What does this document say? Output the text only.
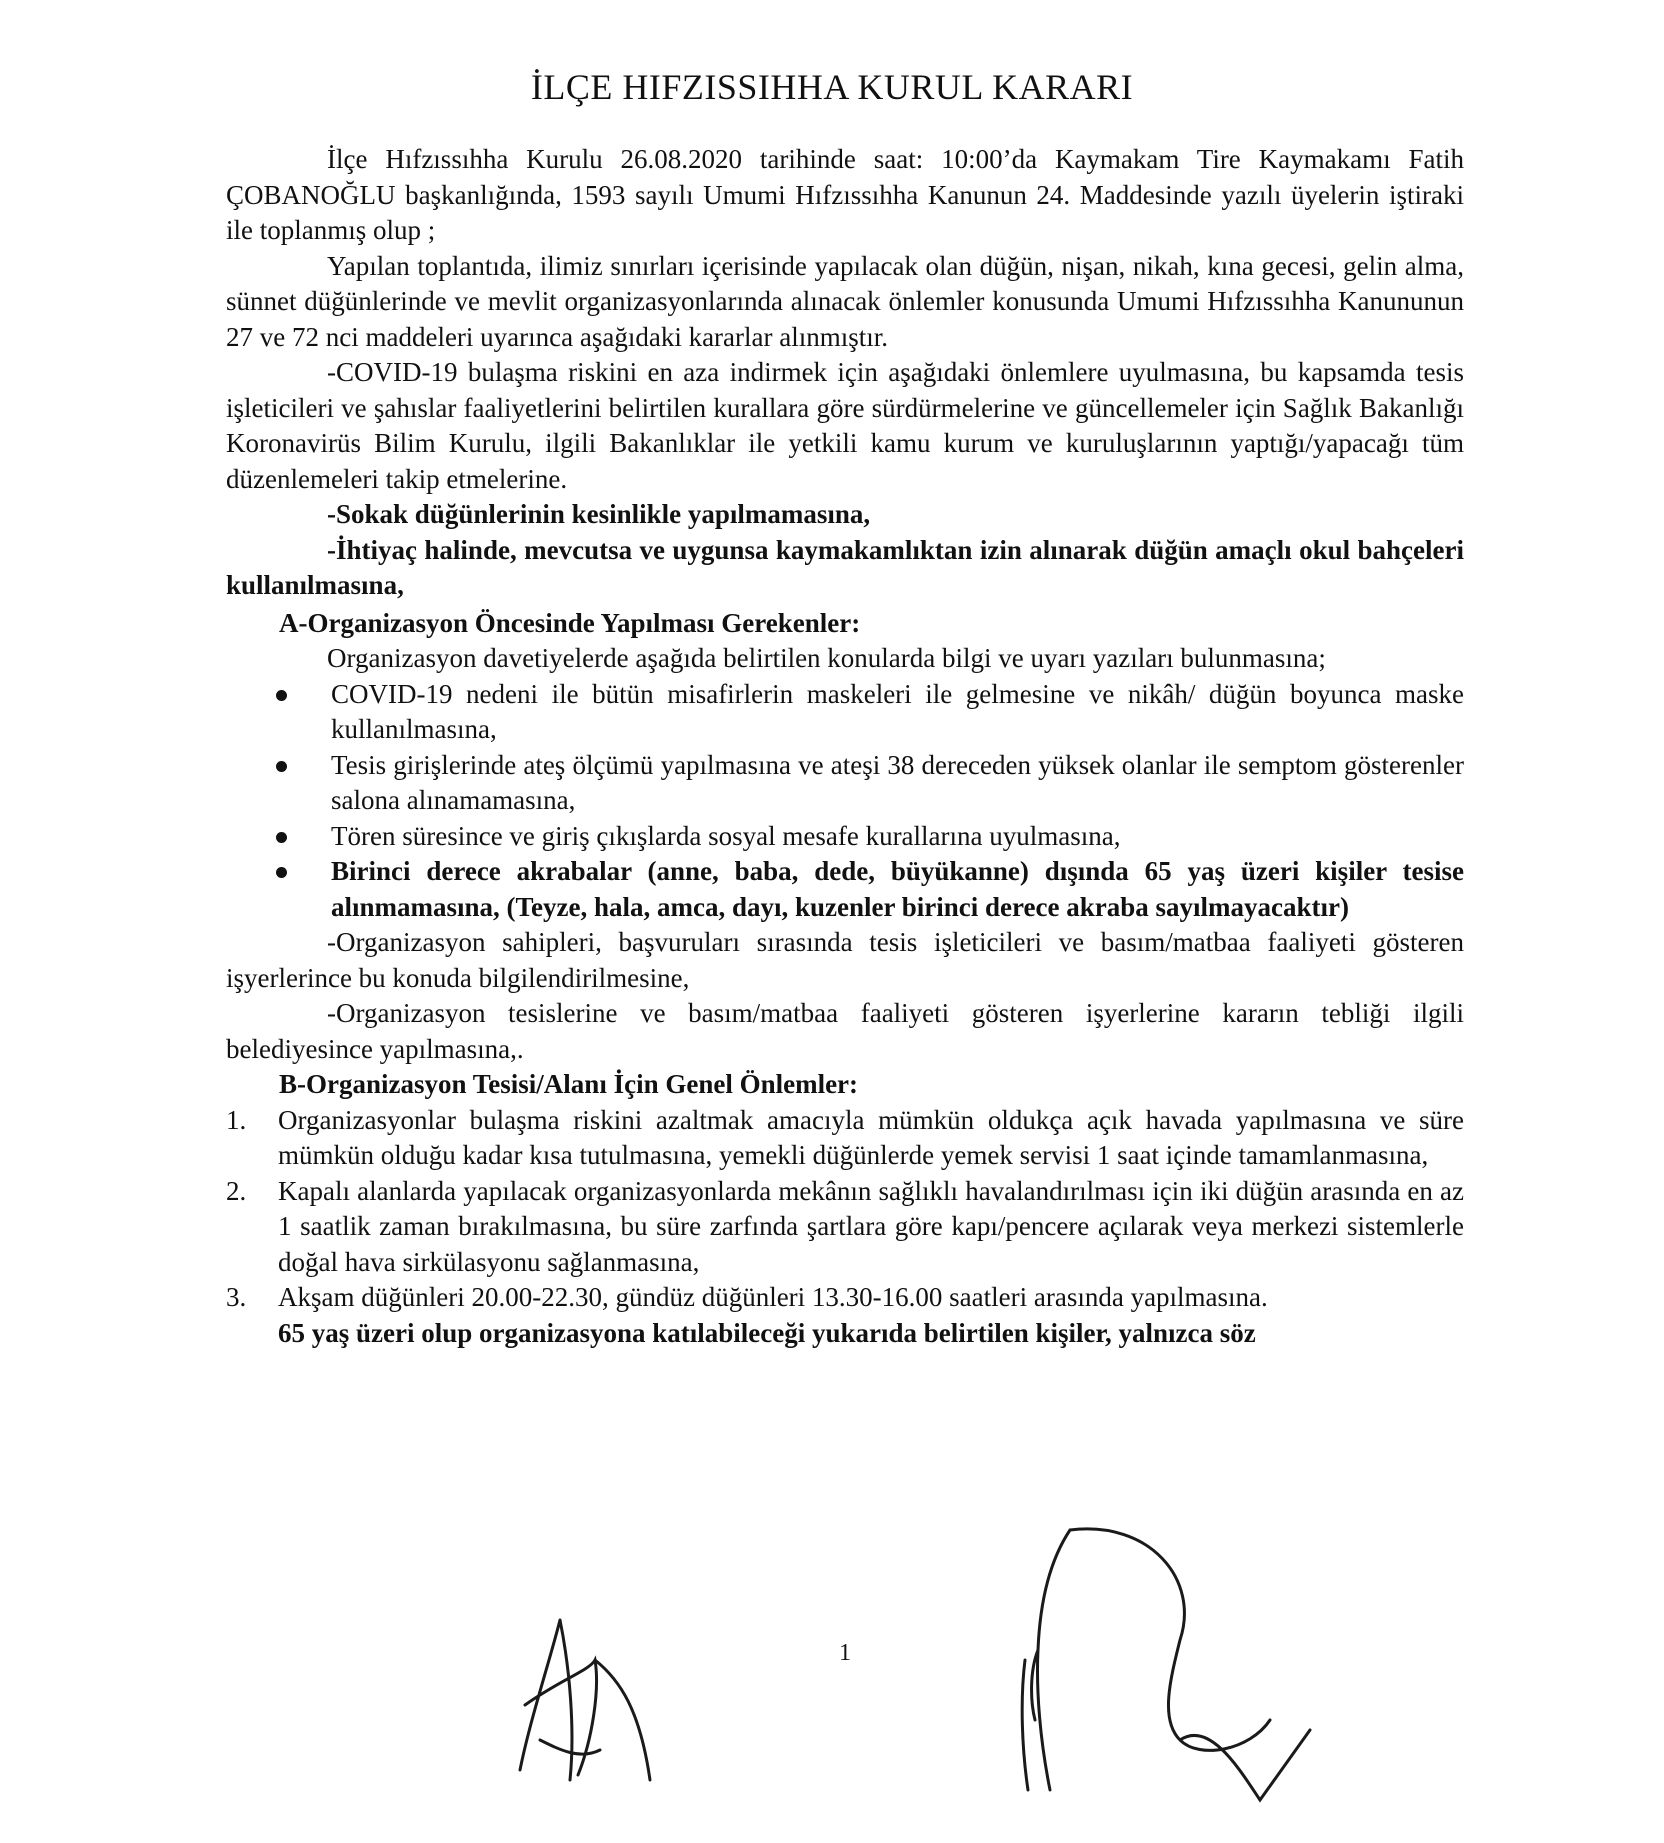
İLÇE HIFZISSIHHA KURUL KARARI

İlçe Hıfzıssıhha Kurulu 26.08.2020 tarihinde saat: 10:00’da Kaymakam Tire Kaymakamı Fatih ÇOBANOĞLU başkanlığında, 1593 sayılı Umumi Hıfzıssıhha Kanunun 24. Maddesinde yazılı üyelerin iştiraki ile toplanmış olup ;

Yapılan toplantıda, ilimiz sınırları içerisinde yapılacak olan düğün, nişan, nikah, kına gecesi, gelin alma, sünnet düğünlerinde ve mevlit organizasyonlarında alınacak önlemler konusunda Umumi Hıfzıssıhha Kanununun 27 ve 72 nci maddeleri uyarınca aşağıdaki kararlar alınmıştır.

-COVID-19 bulaşma riskini en aza indirmek için aşağıdaki önlemlere uyulmasına, bu kapsamda tesis işleticileri ve şahıslar faaliyetlerini belirtilen kurallara göre sürdürmelerine ve güncellemeler için Sağlık Bakanlığı Koronavirüs Bilim Kurulu, ilgili Bakanlıklar ile yetkili kamu kurum ve kuruluşlarının yaptığı/yapacağı tüm düzenlemeleri takip etmelerine.

-Sokak düğünlerinin kesinlikle yapılmamasına,

-İhtiyaç halinde, mevcutsa ve uygunsa kaymakamlıktan izin alınarak düğün amaçlı okul bahçeleri kullanılmasına,

A-Organizasyon Öncesinde Yapılması Gerekenler:

Organizasyon davetiyelerde aşağıda belirtilen konularda bilgi ve uyarı yazıları bulunmasına;

COVID-19 nedeni ile bütün misafirlerin maskeleri ile gelmesine ve nikâh/ düğün boyunca maske kullanılmasına,
Tesis girişlerinde ateş ölçümü yapılmasına ve ateşi 38 dereceden yüksek olanlar ile semptom gösterenler salona alınamamasına,
Tören süresince ve giriş çıkışlarda sosyal mesafe kurallarına uyulmasına,
Birinci derece akrabalar (anne, baba, dede, büyükanne) dışında 65 yaş üzeri kişiler tesise alınmamasına, (Teyze, hala, amca, dayı, kuzenler birinci derece akraba sayılmayacaktır)

-Organizasyon sahipleri, başvuruları sırasında tesis işleticileri ve basım/matbaa faaliyeti gösteren işyerlerince bu konuda bilgilendirilmesine,

-Organizasyon tesislerine ve basım/matbaa faaliyeti gösteren işyerlerine kararın tebliği ilgili belediyesince yapılmasına,.

B-Organizasyon Tesisi/Alanı İçin Genel Önlemler:

1. Organizasyonlar bulaşma riskini azaltmak amacıyla mümkün oldukça açık havada yapılmasına ve süre mümkün olduğu kadar kısa tutulmasına, yemekli düğünlerde yemek servisi 1 saat içinde tamamlanmasına,
2. Kapalı alanlarda yapılacak organizasyonlarda mekânın sağlıklı havalandırılması için iki düğün arasında en az 1 saatlik zaman bırakılmasına, bu süre zarfında şartlara göre kapı/pencere açılarak veya merkezi sistemlerle doğal hava sirkülasyonu sağlanmasına,
3. Akşam düğünleri 20.00-22.30, gündüz düğünleri 13.30-16.00 saatleri arasında yapılmasına.

65 yaş üzeri olup organizasyona katılabileceği yukarıda belirtilen kişiler, yalnızca söz

1
